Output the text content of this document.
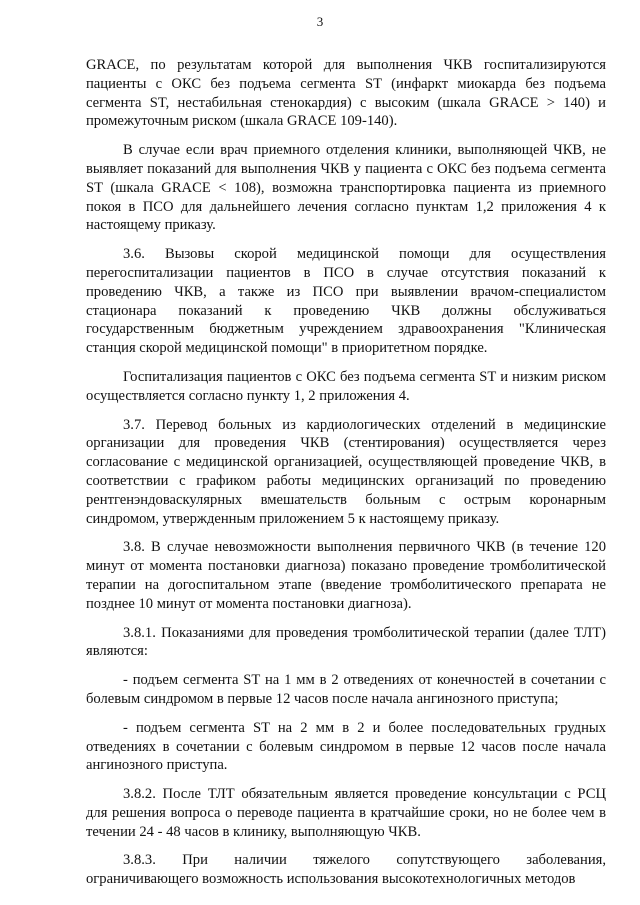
3

GRACE, по результатам которой для выполнения ЧКВ госпитализируются пациенты с ОКС без подъема сегмента ST (инфаркт миокарда без подъема сегмента ST, нестабильная стенокардия) с высоким (шкала GRACE > 140) и промежуточным риском (шкала GRACE 109-140).

В случае если врач приемного отделения клиники, выполняющей ЧКВ, не выявляет показаний для выполнения ЧКВ у пациента с ОКС без подъема сегмента ST (шкала GRACE < 108), возможна транспортировка пациента из приемного покоя в ПСО для дальнейшего лечения согласно пунктам 1,2 приложения 4 к настоящему приказу.

3.6. Вызовы скорой медицинской помощи для осуществления перегоспитализации пациентов в ПСО в случае отсутствия показаний к проведению ЧКВ, а также из ПСО при выявлении врачом-специалистом стационара показаний к проведению ЧКВ должны обслуживаться государственным бюджетным учреждением здравоохранения "Клиническая станция скорой медицинской помощи" в приоритетном порядке.

Госпитализация пациентов с ОКС без подъема сегмента ST и низким риском осуществляется согласно пункту 1, 2 приложения 4.

3.7. Перевод больных из кардиологических отделений в медицинские организации для проведения ЧКВ (стентирования) осуществляется через согласование с медицинской организацией, осуществляющей проведение ЧКВ, в соответствии с графиком работы медицинских организаций по проведению рентгенэндоваскулярных вмешательств больным с острым коронарным синдромом, утвержденным приложением 5 к настоящему приказу.

3.8. В случае невозможности выполнения первичного ЧКВ (в течение 120 минут от момента постановки диагноза) показано проведение тромболитической терапии на догоспитальном этапе (введение тромболитического препарата не позднее 10 минут от момента постановки диагноза).

3.8.1. Показаниями для проведения тромболитической терапии (далее ТЛТ) являются:

- подъем сегмента ST на 1 мм в 2 отведениях от конечностей в сочетании с болевым синдромом в первые 12 часов после начала ангинозного приступа;

- подъем сегмента ST на 2 мм в 2 и более последовательных грудных отведениях в сочетании с болевым синдромом в первые 12 часов после начала ангинозного приступа.

3.8.2. После ТЛТ обязательным является проведение консультации с РСЦ для решения вопроса о переводе пациента в кратчайшие сроки, но не более чем в течении 24 - 48 часов в клинику, выполняющую ЧКВ.

3.8.3. При наличии тяжелого сопутствующего заболевания, ограничивающего возможность использования высокотехнологичных методов
